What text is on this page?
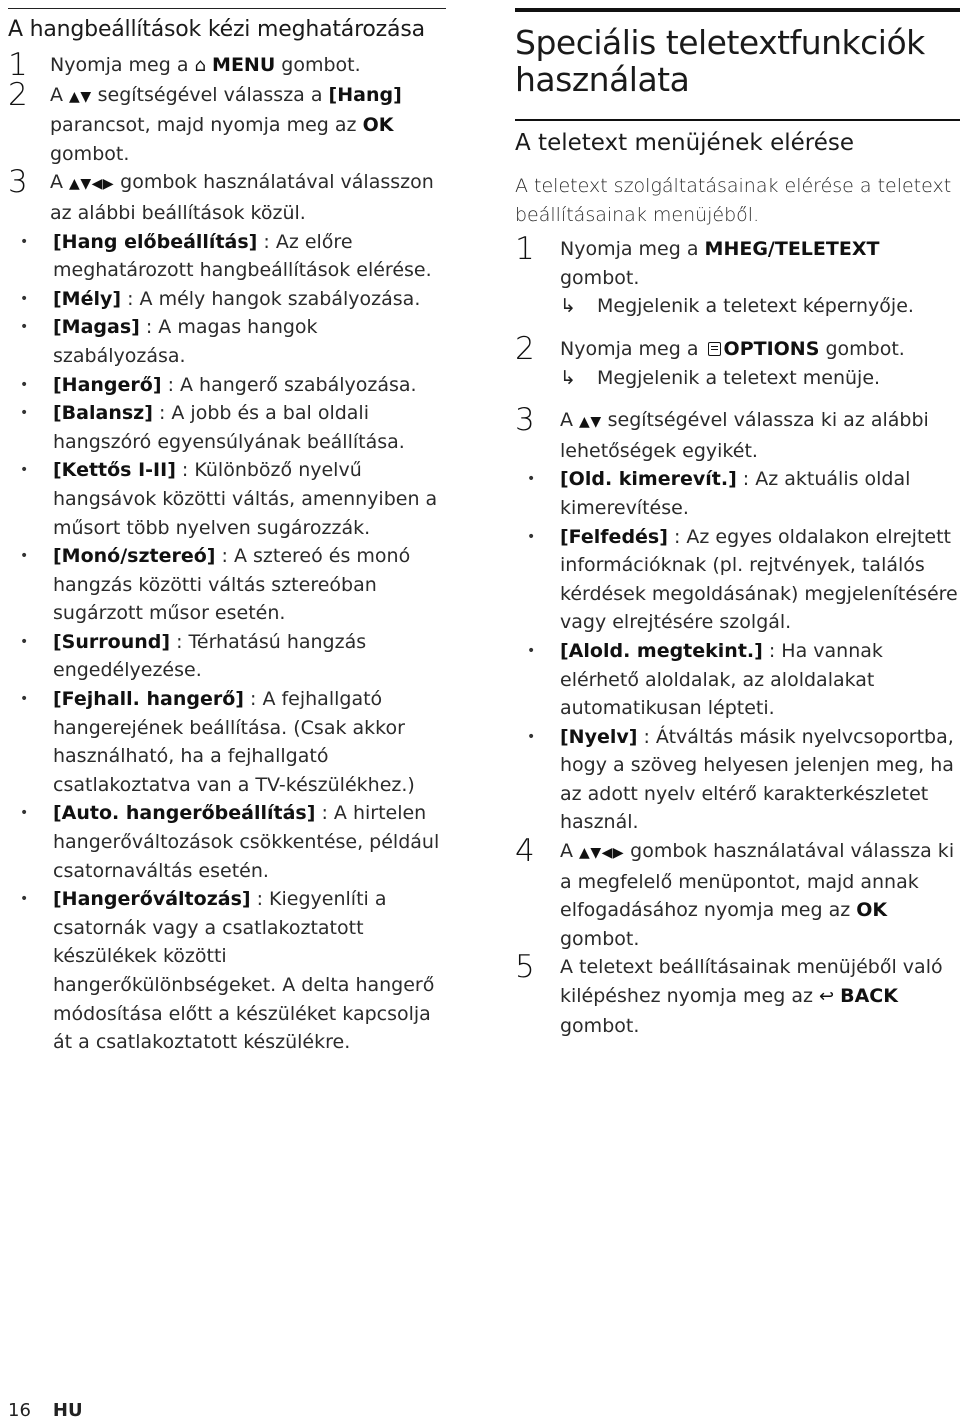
A hangbeállítások kézi meghatározása
1 Nyomja meg a ⌂ MENU gombot.
2 A ▲▼ segítségével válassza a [Hang] parancsot, majd nyomja meg az OK gombot.
3 A ▲▼◀▶ gombok használatával válasszon az alábbi beállítások közül.
• [Hang előbeállítás] : Az előre meghatározott hangbeállítások elérése.
• [Mély] : A mély hangok szabályozása.
• [Magas] : A magas hangok szabályozása.
• [Hangerő] : A hangerő szabályozása.
• [Balansz] : A jobb és a bal oldali hangszóró egyensúlyának beállítása.
• [Kettős I-II] : Különböző nyelvű hangsávok közötti váltás, amennyiben a műsort több nyelven sugározzák.
• [Monó/sztereó] : A sztereó és monó hangzás közötti váltás sztereóban sugárzott műsor esetén.
• [Surround] : Térhatású hangzás engedélyezése.
• [Fejhall. hangerő] : A fejhallgató hangerejének beállítása. (Csak akkor használható, ha a fejhallgató csatlakoztatva van a TV-készülékhez.)
• [Auto. hangerőbeállítás] : A hirtelen hangerőváltozások csökkentése, például csatornaváltás esetén.
• [Hangerőváltozás] : Kiegyenlíti a csatornák vagy a csatlakoztatott készülékek közötti hangerőkülönbségeket. A delta hangerő módosítása előtt a készüléket kapcsolja át a csatlakoztatott készülékre.
Speciális teletextfunkciók használata
A teletext menüjének elérése

A teletext szolgáltatásainak elérése a teletext beállításainak menüjéből.

1 Nyomja meg a MHEG/TELETEXT gombot.
↳ Megjelenik a teletext képernyője.
2 Nyomja meg a OPTIONS gombot.
↳ Megjelenik a teletext menüje.
3 A ▲▼ segítségével válassza ki az alábbi lehetőségek egyikét.
• [Old. kimerevít.] : Az aktuális oldal kimerevítése.
• [Felfedés] : Az egyes oldalakon elrejtett információknak (pl. rejtvények, találós kérdések megoldásának) megjelenítésére vagy elrejtésére szolgál.
• [Alold. megtekint.] : Ha vannak elérhető aloldalak, az aloldalakat automatikusan lépteti.
• [Nyelv] : Átváltás másik nyelvcsoportba, hogy a szöveg helyesen jelenjen meg, ha az adott nyelv eltérő karakterkészletet használ.
4 A ▲▼◀▶ gombok használatával válassza ki a megfelelő menüpontot, majd annak elfogadásához nyomja meg az OK gombot.
5 A teletext beállításainak menüjéből való kilépéshez nyomja meg az ↩ BACK gombot.
16 HU
